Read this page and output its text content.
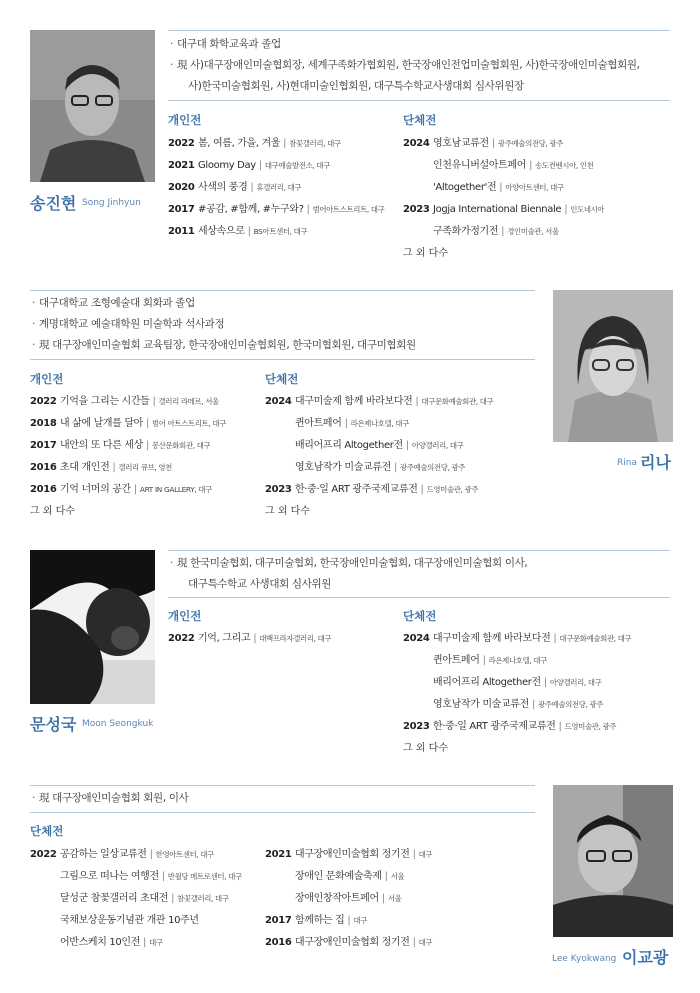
송진현 Song Jinhyun
· 대구대 화학교육과 졸업
· 現 사)대구장애인미술협회장, 세계구족화가협회원, 한국장애인전업미술협회원, 사)한국장애인미술협회원,
사)한국미술협회원, 사)현대미술인협회원, 대구특수학교사생대회 심사위원장
개인전
2022 봄, 여름, 가을, 겨울 | 참꽃갤러리, 대구
2021 Gloomy Day | 대구예술발전소, 대구
2020 사색의 풍경 | 휴갤러리, 대구
2017 #공감, #함께, #누구와? | 범어아트스트리트, 대구
2011 세상속으로 | BS아트센터, 대구
단체전
2024 영호남교류전 | 광주예술의전당, 광주
인천유니버설아트페어 | 송도컨벤시아, 인천
'Altogether'전 | 아양아트센터, 대구
2023 Jogja International Biennale | 인도네시아
구족화가정기전 | 경인미술관, 서울
그 외 다수
· 대구대학교 조형예술대 회화과 졸업
· 계명대학교 예술대학원 미술학과 석사과정
· 現 대구장애인미술협회 교육팀장, 한국장애인미술협회원, 한국미협회원, 대구미협회원
개인전
2022 기억을 그리는 시간들 | 갤러리 라메르, 서울
2018 내 삶에 날개를 달아 | 범어 아트스트리트, 대구
2017 내안의 또 다른 세상 | 봉산문화회관, 대구
2016 초대 개인전 | 갤러리 큐브, 영천
2016 기억 너머의 공간 | ART IN GALLERY, 대구
그 외 다수
단체전
2024 대구미술제 함께 바라보다전 | 대구문화예술회관, 대구
퀸아트페어 | 라온제나호텔, 대구
배리어프리 Altogether전 | 아양갤러리, 대구
영호남작가 미술교류전 | 광주예술의전당, 광주
2023 한·중·일 ART 광주국제교류전 | 드영미술관, 광주
그 외 다수
Rina 리나
문성국 Moon Seongkuk
· 現 한국미술협회, 대구미술협회, 한국장애인미술협회, 대구장애인미술협회 이사,
대구특수학교 사생대회 심사위원
개인전
2022 기억, 그리고 | 대백프라자갤러리, 대구
단체전
2024 대구미술제 함께 바라보다전 | 대구문화예술회관, 대구
퀸아트페어 | 라온제나호텔, 대구
배리어프리 Altogether전 | 아양갤러리, 대구
영호남작가 미술교류전 | 광주예술의전당, 광주
2023 한·중·일 ART 광주국제교류전 | 드영미술관, 광주
그 외 다수
· 現 대구장애인미술협회 회원, 이사
단체전
2022 공감하는 일상교류전 | 한영아트센터, 대구
그림으로 떠나는 여행전 | 반월당 메트로센터, 대구
달성군 참꽃갤러리 초대전 | 참꽃갤러리, 대구
국채보상운동기념관 개관 10주년
어반스케치 10인전 | 대구
2021 대구장애인미술협회 정기전 | 대구
장애인 문화예술축제 | 서울
장애인창작아트페어 | 서울
2017 함께하는 집 | 대구
2016 대구장애인미술협회 정기전 | 대구
Lee Kyokwang 이교광
